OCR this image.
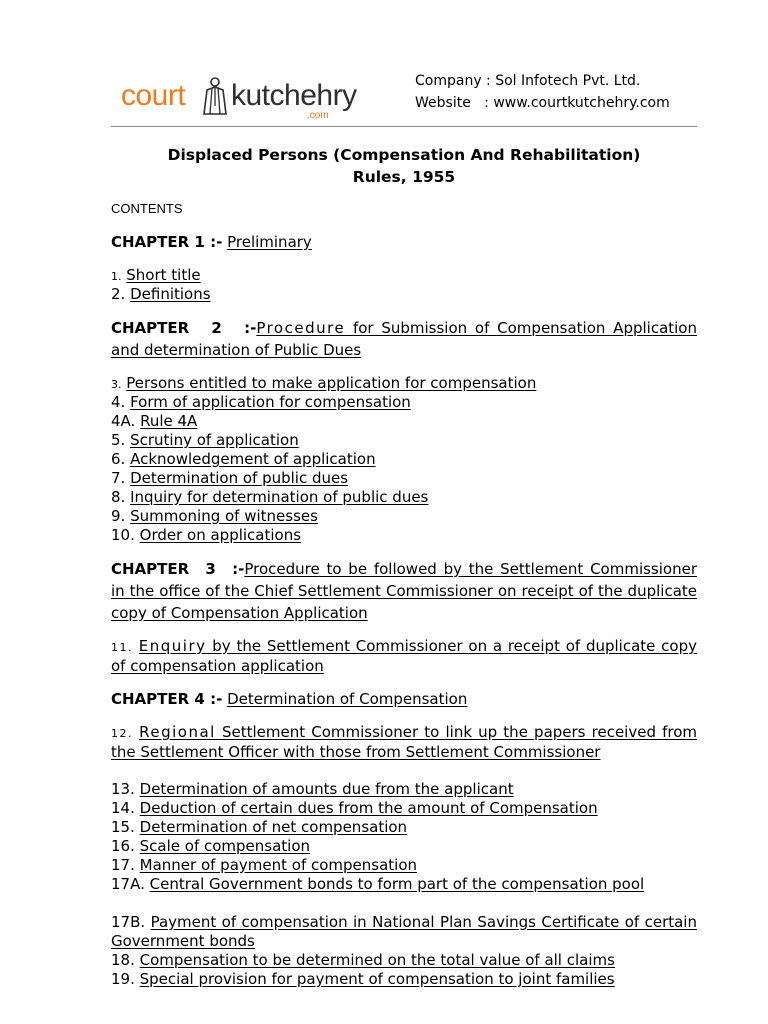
court kutchehry
.com
Company : Sol Infotech Pvt. Ltd.
Website   : www.courtkutchehry.com
Displaced Persons (Compensation And Rehabilitation)
Rules, 1955
CONTENTS
CHAPTER 1 :- Preliminary
1. Short title
2. Definitions
CHAPTER 2 :-Procedure for Submission of Compensation Application and determination of Public Dues
3. Persons entitled to make application for compensation
4. Form of application for compensation
4A. Rule 4A
5. Scrutiny of application
6. Acknowledgement of application
7. Determination of public dues
8. Inquiry for determination of public dues
9. Summoning of witnesses
10. Order on applications
CHAPTER 3 :-Procedure to be followed by the Settlement Commissioner in the office of the Chief Settlement Commissioner on receipt of the duplicate copy of Compensation Application
11. Enquiry by the Settlement Commissioner on a receipt of duplicate copy of compensation application
CHAPTER 4 :- Determination of Compensation
12. Regional Settlement Commissioner to link up the papers received from the Settlement Officer with those from Settlement Commissioner
13. Determination of amounts due from the applicant
14. Deduction of certain dues from the amount of Compensation
15. Determination of net compensation
16. Scale of compensation
17. Manner of payment of compensation
17A. Central Government bonds to form part of the compensation pool
17B. Payment of compensation in National Plan Savings Certificate of certain Government bonds
18. Compensation to be determined on the total value of all claims
19. Special provision for payment of compensation to joint families
